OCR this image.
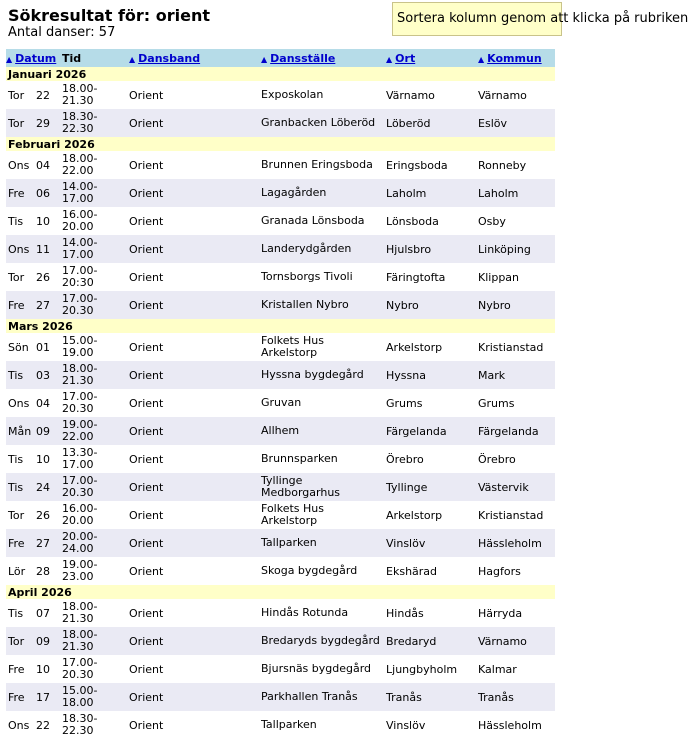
Sökresultat för: orient
Antal danser: 57
Sortera kolumn genom att klicka på rubriken
▲ Datum		Tid	▲ Dansband	▲ Dansställe	▲ Ort	▲ Kommun
Januari 2026						
Tor	22	18.00-
21.30	Orient	Exposkolan	Värnamo	Värnamo
Tor	29	18.30-
22.30	Orient	Granbacken Löberöd	Löberöd	Eslöv
Februari 2026						
Ons	04	18.00-
22.00	Orient	Brunnen Eringsboda	Eringsboda	Ronneby
Fre	06	14.00-
17.00	Orient	Lagagården	Laholm	Laholm
Tis	10	16.00-
20.00	Orient	Granada Lönsboda	Lönsboda	Osby
Ons	11	14.00-
17.00	Orient	Landerydgården	Hjulsbro	Linköping
Tor	26	17.00-
20:30	Orient	Tornsborgs Tivoli	Färingtofta	Klippan
Fre	27	17.00-
20.30	Orient	Kristallen Nybro	Nybro	Nybro
Mars 2026						
Sön	01	15.00-
19.00	Orient	Folkets Hus
Arkelstorp	Arkelstorp	Kristianstad
Tis	03	18.00-
21.30	Orient	Hyssna bygdegård	Hyssna	Mark
Ons	04	17.00-
20.30	Orient	Gruvan	Grums	Grums
Mån	09	19.00-
22.00	Orient	Allhem	Färgelanda	Färgelanda
Tis	10	13.30-
17.00	Orient	Brunnsparken	Örebro	Örebro
Tis	24	17.00-
20.30	Orient	Tyllinge
Medborgarhus	Tyllinge	Västervik
Tor	26	16.00-
20.00	Orient	Folkets Hus
Arkelstorp	Arkelstorp	Kristianstad
Fre	27	20.00-
24.00	Orient	Tallparken	Vinslöv	Hässleholm
Lör	28	19.00-
23.00	Orient	Skoga bygdegård	Ekshärad	Hagfors
April 2026						
Tis	07	18.00-
21.30	Orient	Hindås Rotunda	Hindås	Härryda
Tor	09	18.00-
21.30	Orient	Bredaryds bygdegård	Bredaryd	Värnamo
Fre	10	17.00-
20.30	Orient	Bjursnäs bygdegård	Ljungbyholm	Kalmar
Fre	17	15.00-
18.00	Orient	Parkhallen Tranås	Tranås	Tranås
Ons	22	18.30-
22.30	Orient	Tallparken	Vinslöv	Hässleholm
